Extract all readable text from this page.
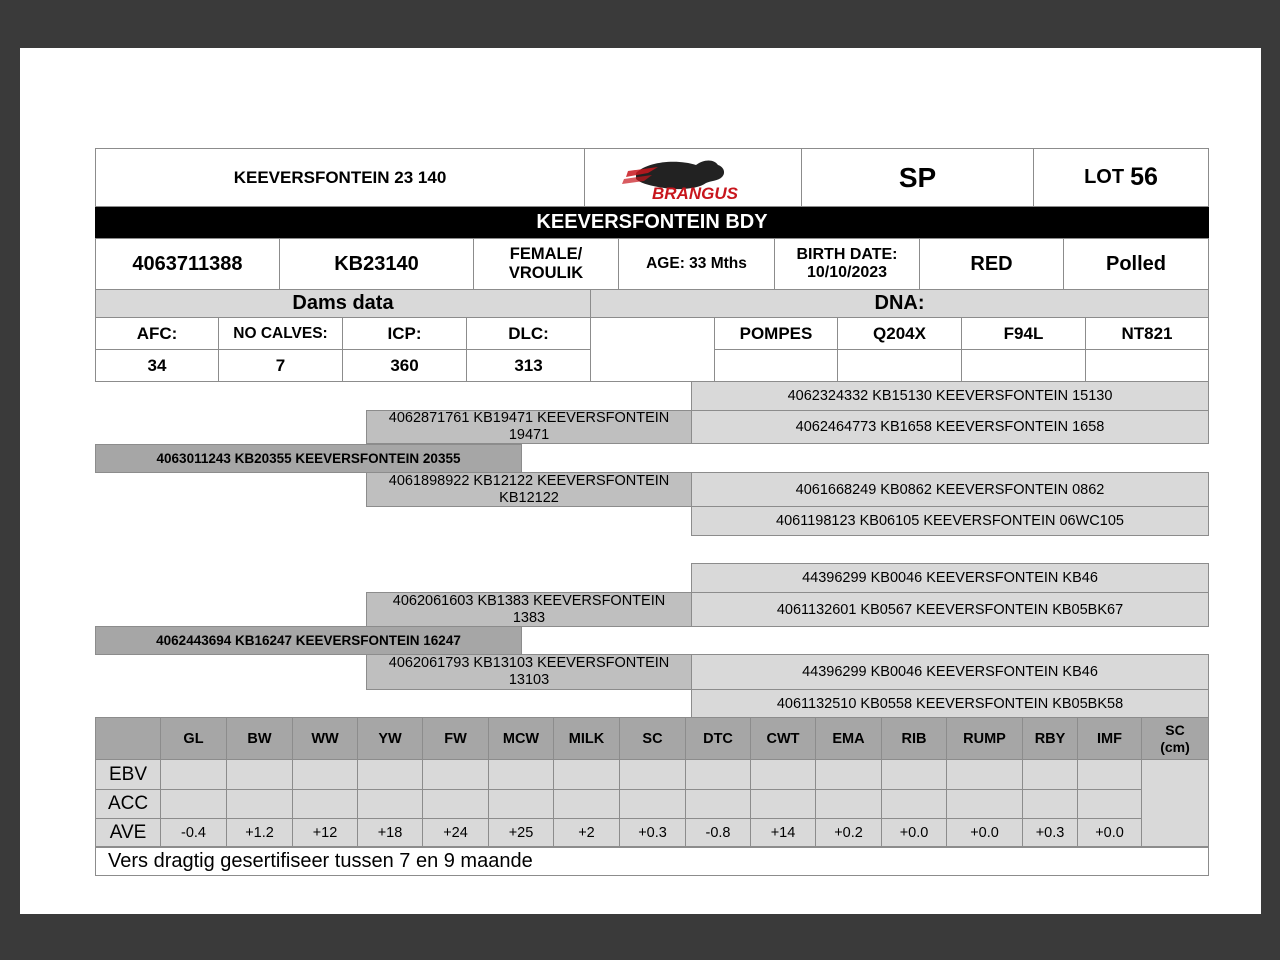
KEEVERSFONTEIN 23 140
BRANGUS
SP	LOT 56
KEEVERSFONTEIN BDY
4063711388	KB23140	FEMALE/ VROULIK
AGE: 33 Mths
BIRTH DATE: 10/10/2023	RED	Polled
Dams data	DNA:
AFC:	NO CALVES:	ICP:	DLC:
34	7	360	313
POMPES	Q204X	F94L	NT821
4062324332 KB15130 KEEVERSFONTEIN 15130
4062871761 KB19471 KEEVERSFONTEIN 19471	4062464773 KB1658 KEEVERSFONTEIN 1658
4063011243 KB20355 KEEVERSFONTEIN 20355
4061898922 KB12122 KEEVERSFONTEIN KB12122	4061668249 KB0862 KEEVERSFONTEIN 0862
4061198123 KB06105 KEEVERSFONTEIN 06WC105
44396299 KB0046 KEEVERSFONTEIN KB46
4062061603 KB1383 KEEVERSFONTEIN 1383	4061132601 KB0567 KEEVERSFONTEIN KB05BK67
4062443694 KB16247 KEEVERSFONTEIN 16247
4062061793 KB13103 KEEVERSFONTEIN 13103	44396299 KB0046 KEEVERSFONTEIN KB46
4061132510 KB0558 KEEVERSFONTEIN KB05BK58
GL	BW	WW	YW	FW	MCW	MILK	SC	DTC	CWT	EMA	RIB	RUMP	RBY	IMF
SC (cm)
EBV
ACC
AVE	-0.4	+1.2	+12	+18	+24	+25	+2	+0.3	-0.8	+14	+0.2	+0.0	+0.0	+0.3	+0.0
Vers dragtig gesertifiseer tussen 7 en 9 maande
